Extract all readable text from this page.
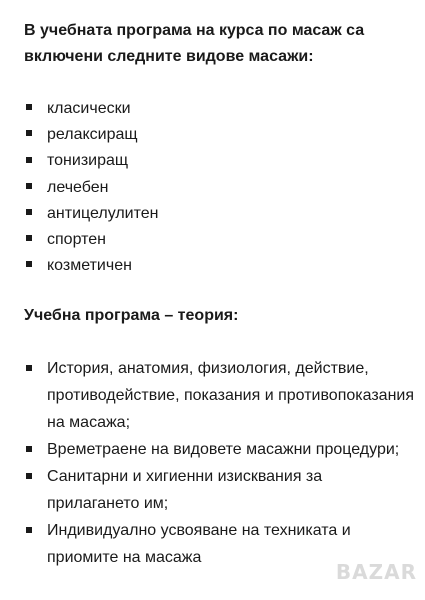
В учебната програма на курса по масаж са включени следните видове масажи:

класически
релаксиращ
тонизиращ
лечебен
антицелулитен
спортен
козметичен

Учебна програма – теория:

История, анатомия, физиология, действие, противодействие, показания и противопоказания на масажа;
Времетраене на видовете масажни процедури;
Санитарни и хигиенни изисквания за прилагането им;
Индивидуално усвояване на техниката и приомите на масажа
BAZAR
